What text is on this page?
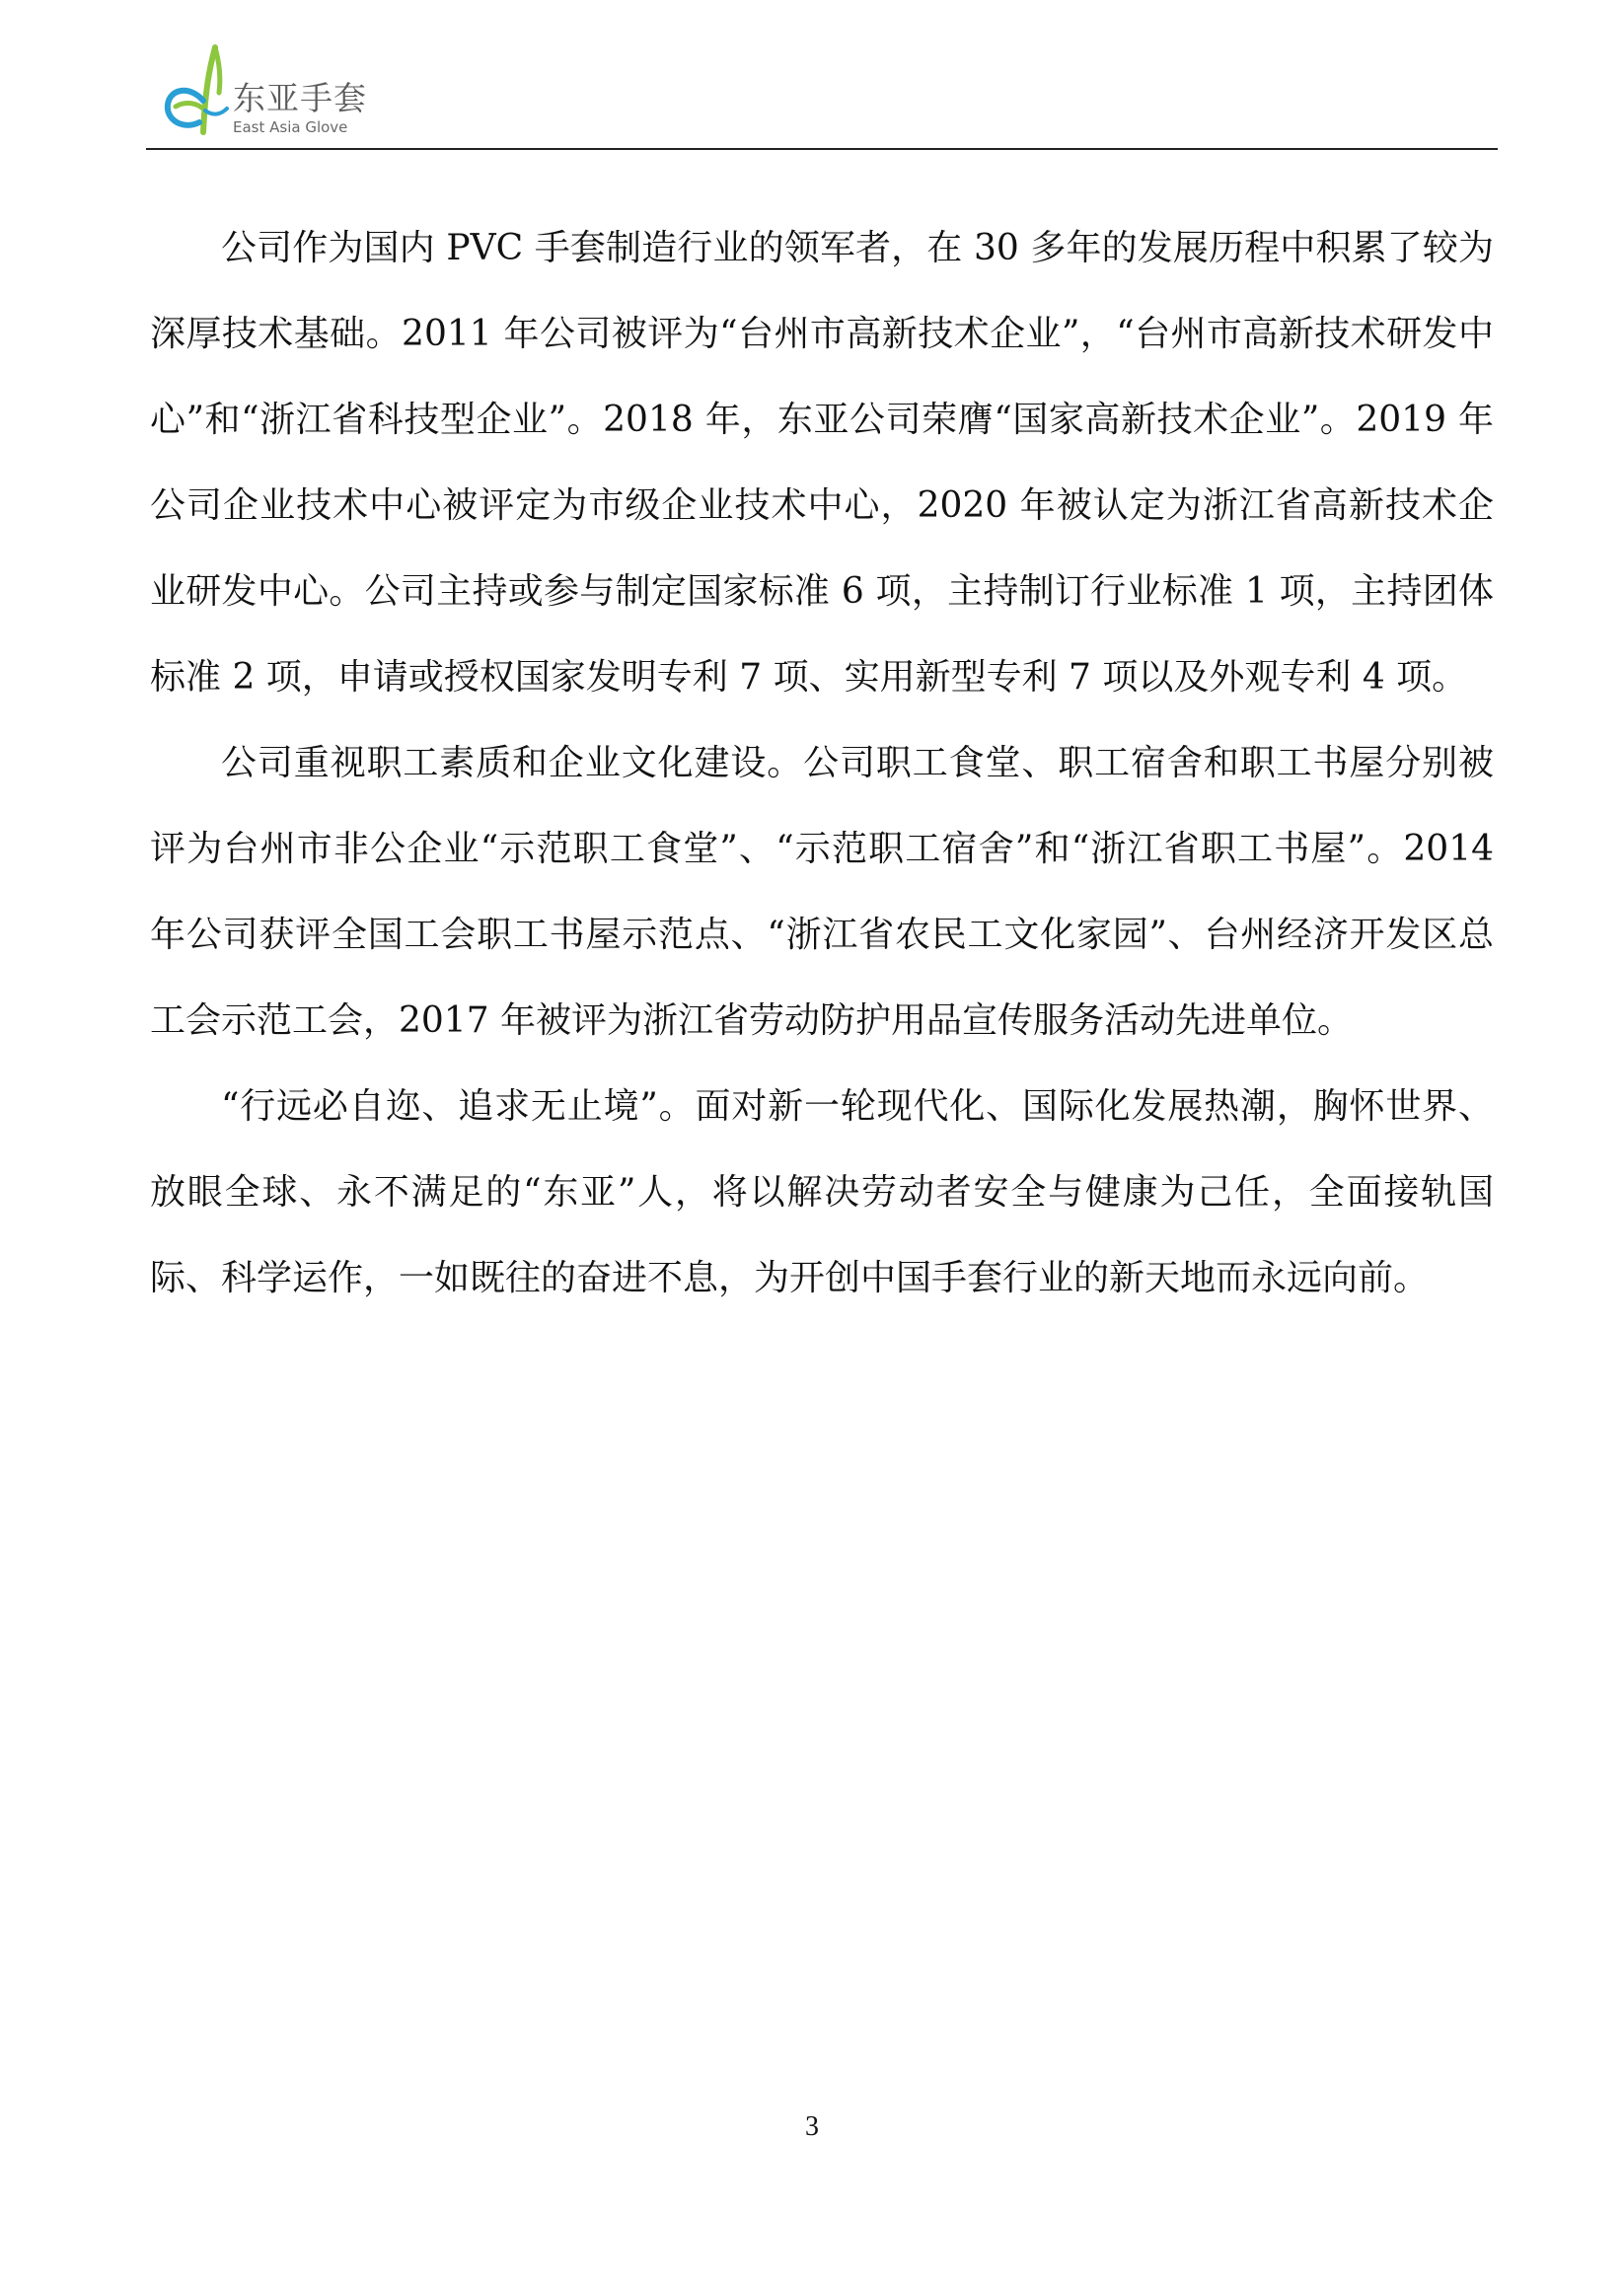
东亚手套
East Asia Glove

公司作为国内 PVC 手套制造行业的领军者，在 30 多年的发展历程中积累了较为深厚技术基础。2011 年公司被评为“台州市高新技术企业”，“台州市高新技术研发中心”和“浙江省科技型企业”。2018 年，东亚公司荣膺“国家高新技术企业”。2019 年公司企业技术中心被评定为市级企业技术中心，2020 年被认定为浙江省高新技术企业研发中心。公司主持或参与制定国家标准 6 项，主持制订行业标准 1 项，主持团体标准 2 项，申请或授权国家发明专利 7 项、实用新型专利 7 项以及外观专利 4 项。

公司重视职工素质和企业文化建设。公司职工食堂、职工宿舍和职工书屋分别被评为台州市非公企业“示范职工食堂”、“示范职工宿舍”和“浙江省职工书屋”。2014 年公司获评全国工会职工书屋示范点、“浙江省农民工文化家园”、台州经济开发区总工会示范工会，2017 年被评为浙江省劳动防护用品宣传服务活动先进单位。

“行远必自迩、追求无止境”。面对新一轮现代化、国际化发展热潮，胸怀世界、放眼全球、永不满足的“东亚”人，将以解决劳动者安全与健康为己任，全面接轨国际、科学运作，一如既往的奋进不息，为开创中国手套行业的新天地而永远向前。

3
